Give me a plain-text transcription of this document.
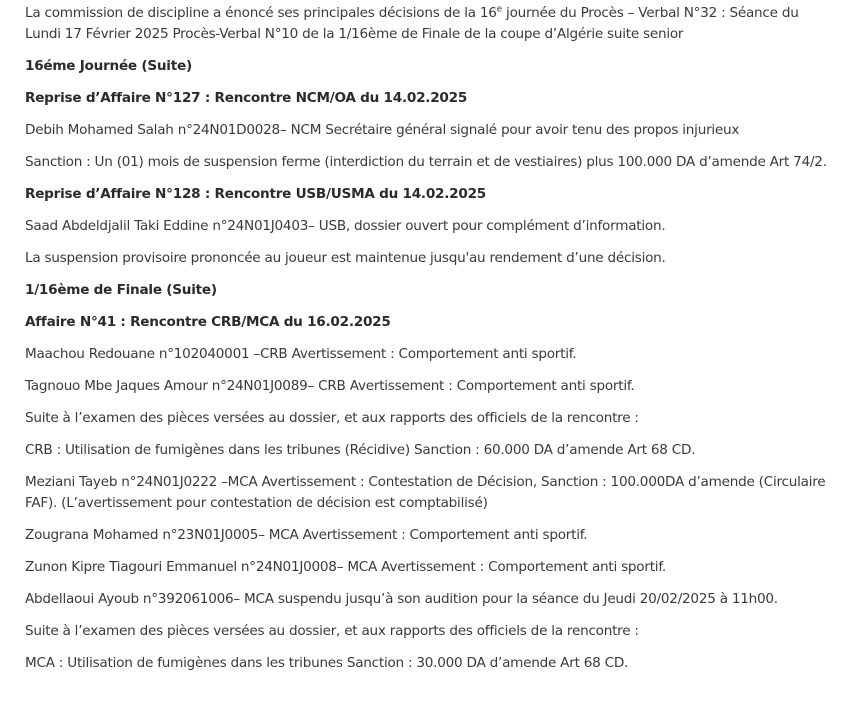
La commission de discipline a énoncé ses principales décisions de la 16e journée du Procès – Verbal N°32 : Séance du Lundi 17 Février 2025 Procès-Verbal N°10 de la 1/16ème de Finale de la coupe d’Algérie suite senior

16éme Journée (Suite)

Reprise d’Affaire N°127 : Rencontre NCM/OA du 14.02.2025

Debih Mohamed Salah n°24N01D0028– NCM Secrétaire général signalé pour avoir tenu des propos injurieux

Sanction : Un (01) mois de suspension ferme (interdiction du terrain et de vestiaires) plus 100.000 DA d’amende Art 74/2.

Reprise d’Affaire N°128 : Rencontre USB/USMA du 14.02.2025

Saad Abdeldjalil Taki Eddine n°24N01J0403– USB, dossier ouvert pour complément d’information.

La suspension provisoire prononcée au joueur est maintenue jusqu'au rendement d’une décision.

1/16ème de Finale (Suite)

Affaire N°41 : Rencontre CRB/MCA du 16.02.2025

Maachou Redouane n°102040001 –CRB Avertissement : Comportement anti sportif.

Tagnouo Mbe Jaques Amour n°24N01J0089– CRB Avertissement : Comportement anti sportif.

Suite à l’examen des pièces versées au dossier, et aux rapports des officiels de la rencontre :

CRB : Utilisation de fumigènes dans les tribunes (Récidive) Sanction : 60.000 DA d’amende Art 68 CD.

Meziani Tayeb n°24N01J0222 –MCA Avertissement : Contestation de Décision, Sanction : 100.000DA d’amende (Circulaire FAF). (L’avertissement pour contestation de décision est comptabilisé)

Zougrana Mohamed n°23N01J0005– MCA Avertissement : Comportement anti sportif.

Zunon Kipre Tiagouri Emmanuel n°24N01J0008– MCA Avertissement : Comportement anti sportif.

Abdellaoui Ayoub n°392061006– MCA suspendu jusqu’à son audition pour la séance du Jeudi 20/02/2025 à 11h00.

Suite à l’examen des pièces versées au dossier, et aux rapports des officiels de la rencontre :

MCA : Utilisation de fumigènes dans les tribunes Sanction : 30.000 DA d’amende Art 68 CD.
